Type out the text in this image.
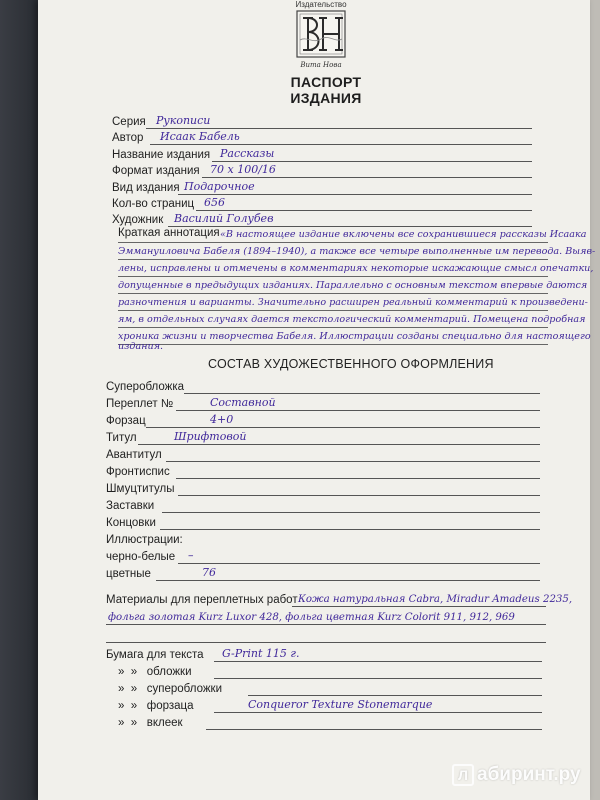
Издательство
Вита Нова
ПАСПОРТ ИЗДАНИЯ
Серия Рукописи
Автор Исаак Бабель
Название издания Рассказы
Формат издания 70 x 100/16
Вид издания Подарочное
Кол-во страниц 656
Художник Василий Голубев
Краткая аннотация «В настоящее издание включены все сохранившиеся рассказы Исаака
Эммануиловича Бабеля (1894–1940), а также все четыре выполненные им перевода. Выяв-
лены, исправлены и отмечены в комментариях некоторые искажающие смысл опечатки,
допущенные в предыдущих изданиях. Параллельно с основным текстом впервые даются
разночтения и варианты. Значительно расширен реальный комментарий к произведени-
ям, в отдельных случаях дается текстологический комментарий. Помещена подробная
хроника жизни и творчества Бабеля. Иллюстрации созданы специально для настоящего
издания.
СОСТАВ ХУДОЖЕСТВЕННОГО ОФОРМЛЕНИЯ
Суперобложка
Переплет №	Составной
Форзац	4+0
Титул	Шрифтовой
Авантитул
Фронтиспис
Шмуцтитулы
Заставки
Концовки
Иллюстрации:
черно-белые –
цветные	76
Материалы для переплетных работ Кожа натуральная Cabra, Miradur Amadeus 2235,
фольга золотая Kurz Luxor 428, фольга цветная Kurz Colorit 911, 912, 969
Бумага для текста G-Print 115 г.
»  »   обложки
»  »   суперобложки
»  »   форзаца	Conqueror Texture Stonemarque
»  »   вклеек
Л абиринт.ру
